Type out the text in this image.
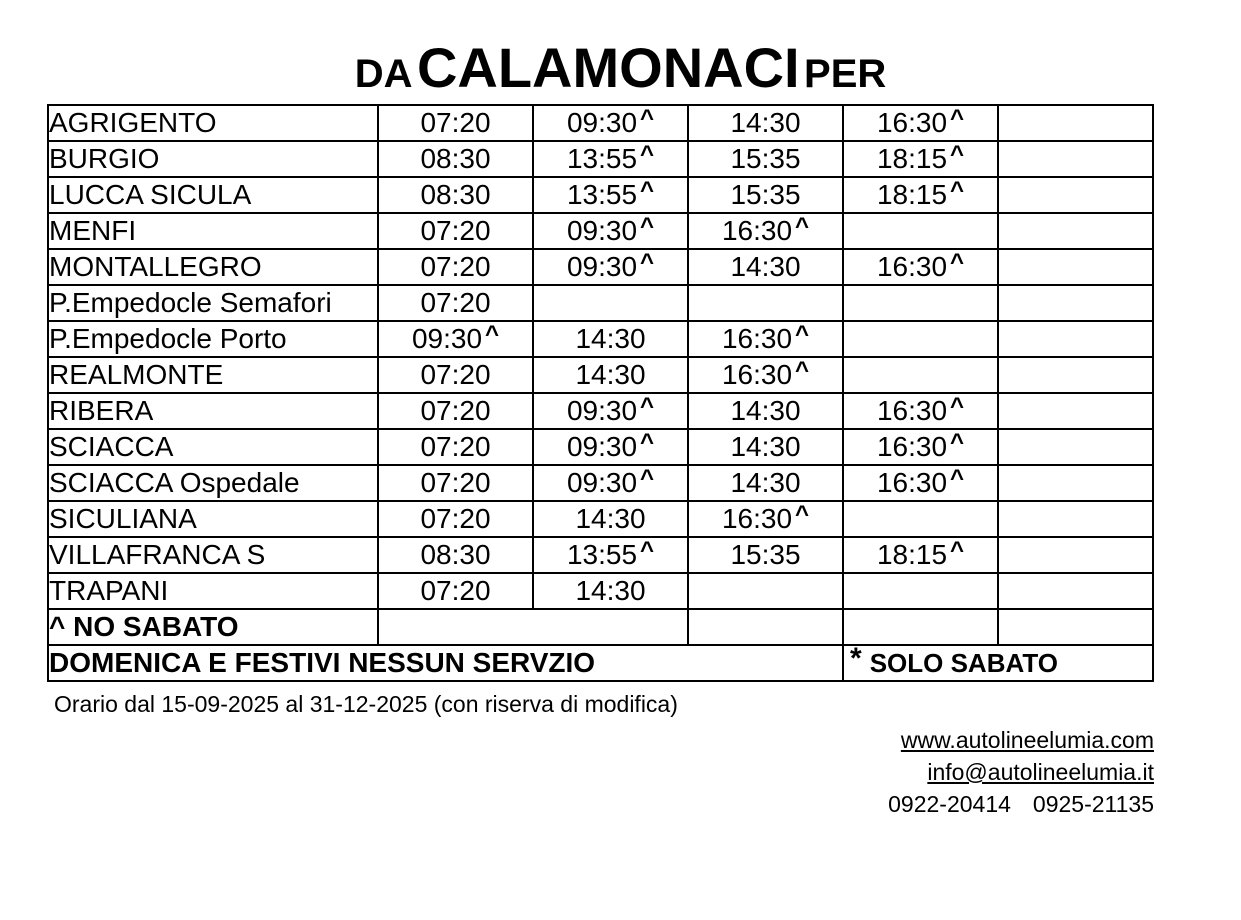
DA CALAMONACI PER
AGRIGENTO	07:20	09:30 ^	14:30	16:30 ^	
BURGIO	08:30	13:55 ^	15:35	18:15 ^	
LUCCA SICULA	08:30	13:55 ^	15:35	18:15 ^	
MENFI	07:20	09:30 ^	16:30 ^		
MONTALLEGRO	07:20	09:30 ^	14:30	16:30 ^	
P.Empedocle Semafori	07:20				
P.Empedocle Porto	09:30 ^	14:30	16:30 ^		
REALMONTE	07:20	14:30	16:30 ^		
RIBERA	07:20	09:30 ^	14:30	16:30 ^	
SCIACCA	07:20	09:30 ^	14:30	16:30 ^	
SCIACCA Ospedale	07:20	09:30 ^	14:30	16:30 ^	
SICULIANA	07:20	14:30	16:30 ^		
VILLAFRANCA S	08:30	13:55 ^	15:35	18:15 ^	
TRAPANI	07:20	14:30			
^ NO SABATO					
DOMENICA E FESTIVI NESSUN SERVZIO				* SOLO SABATO	
Orario dal 15-09-2025 al 31-12-2025 (con riserva di modifica)
www.autolineelumia.com
info@autolineelumia.it
0922-20414 0925-21135
